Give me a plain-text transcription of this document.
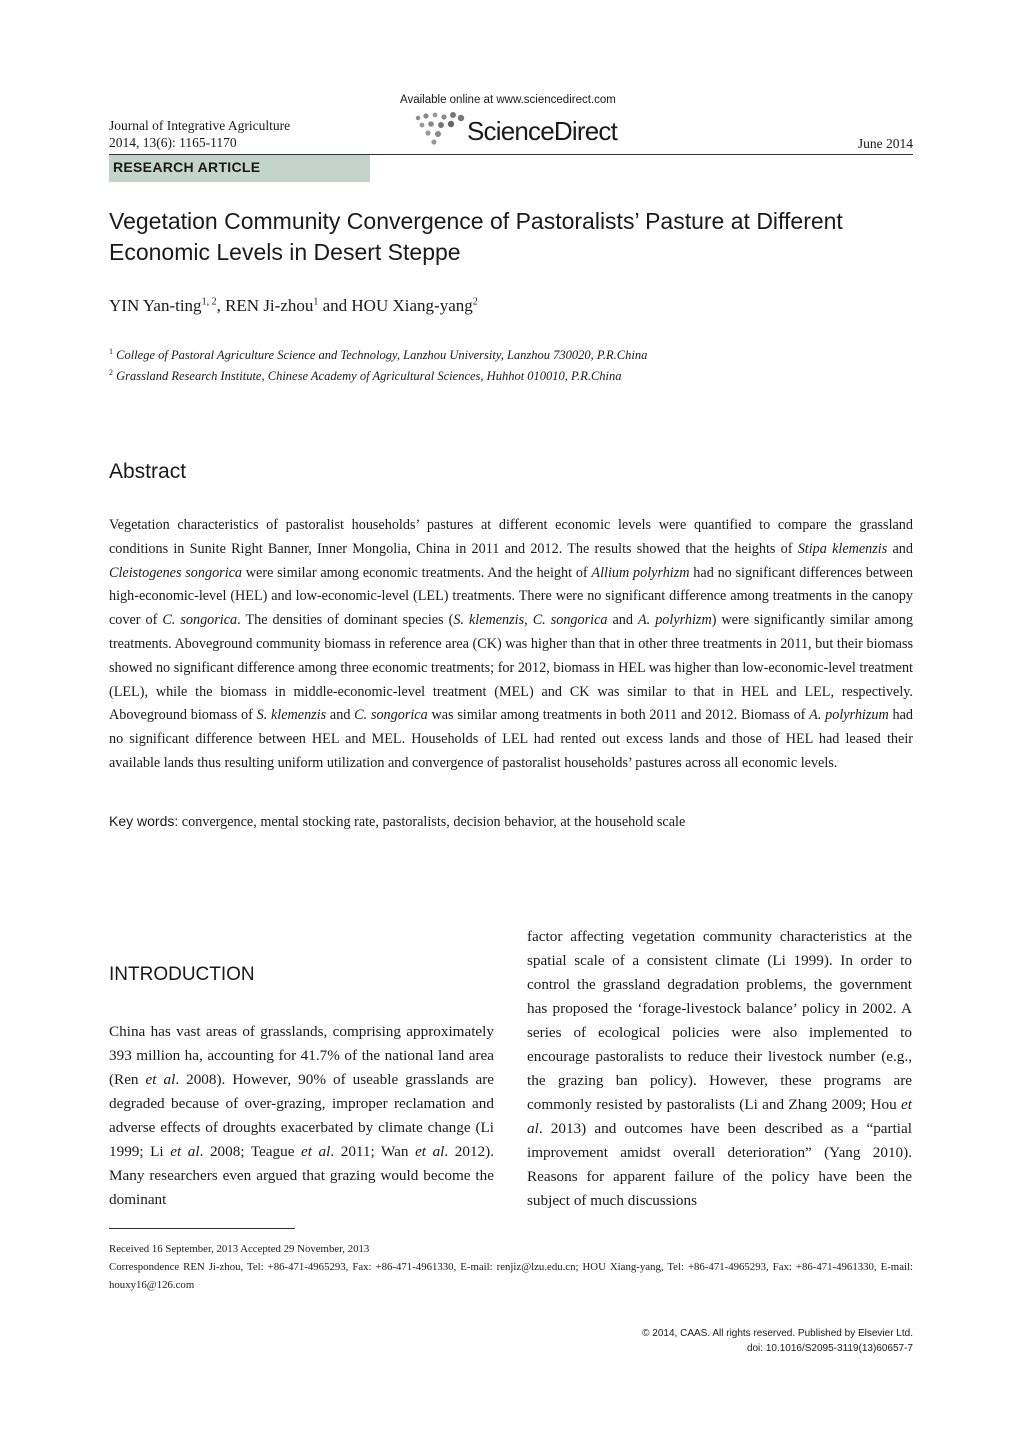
Journal of Integrative Agriculture
2014, 13(6): 1165-1170
Available online at www.sciencedirect.com
ScienceDirect	June 2014
RESEARCH ARTICLE
Vegetation Community Convergence of Pastoralists’ Pasture at Different Economic Levels in Desert Steppe
YIN Yan-ting$^{1, 2}$, REN Ji-zhou$^1$ and HOU Xiang-yang$^2$
$^1$ College of Pastoral Agriculture Science and Technology, Lanzhou University, Lanzhou 730020, P.R.China
$^2$ Grassland Research Institute, Chinese Academy of Agricultural Sciences, Huhhot 010010, P.R.China
Abstract

Vegetation characteristics of pastoralist households’ pastures at different economic levels were quantified to compare the grassland conditions in Sunite Right Banner, Inner Mongolia, China in 2011 and 2012. The results showed that the heights of Stipa klemenzis and Cleistogenes songorica were similar among economic treatments. And the height of Allium polyrhizm had no significant differences between high-economic-level (HEL) and low-economic-level (LEL) treatments. There were no significant difference among treatments in the canopy cover of C. songorica. The densities of dominant species (S. klemenzis, C. songorica and A. polyrhizm) were significantly similar among treatments. Aboveground community biomass in reference area (CK) was higher than that in other three treatments in 2011, but their biomass showed no significant difference among three economic treatments; for 2012, biomass in HEL was higher than low-economic-level treatment (LEL), while the biomass in middle-economic-level treatment (MEL) and CK was similar to that in HEL and LEL, respectively. Aboveground biomass of S. klemenzis and C. songorica was similar among treatments in both 2011 and 2012. Biomass of A. polyrhizum had no significant difference between HEL and MEL. Households of LEL had rented out excess lands and those of HEL had leased their available lands thus resulting uniform utilization and convergence of pastoralist households’ pastures across all economic levels.

Key words: convergence, mental stocking rate, pastoralists, decision behavior, at the household scale
INTRODUCTION

China has vast areas of grasslands, comprising approximately 393 million ha, accounting for 41.7% of the national land area (Ren et al. 2008). However, 90% of useable grasslands are degraded because of over-grazing, improper reclamation and adverse effects of droughts exacerbated by climate change (Li 1999; Li et al. 2008; Teague et al. 2011; Wan et al. 2012). Many researchers even argued that grazing would become the dominant

factor affecting vegetation community characteristics at the spatial scale of a consistent climate (Li 1999). In order to control the grassland degradation problems, the government has proposed the ‘forage-livestock balance’ policy in 2002. A series of ecological policies were also implemented to encourage pastoralists to reduce their livestock number (e.g., the grazing ban policy). However, these programs are commonly resisted by pastoralists (Li and Zhang 2009; Hou et al. 2013) and outcomes have been described as a “partial improvement amidst overall deterioration” (Yang 2010). Reasons for apparent failure of the policy have been the subject of much discussions

Received 16 September, 2013 Accepted 29 November, 2013
Correspondence REN Ji-zhou, Tel: +86-471-4965293, Fax: +86-471-4961330, E-mail: renjiz@lzu.edu.cn; HOU Xiang-yang, Tel: +86-471-4965293, Fax: +86-471-4961330, E-mail: houxy16@126.com
© 2014, CAAS. All rights reserved. Published by Elsevier Ltd.
doi: 10.1016/S2095-3119(13)60657-7
